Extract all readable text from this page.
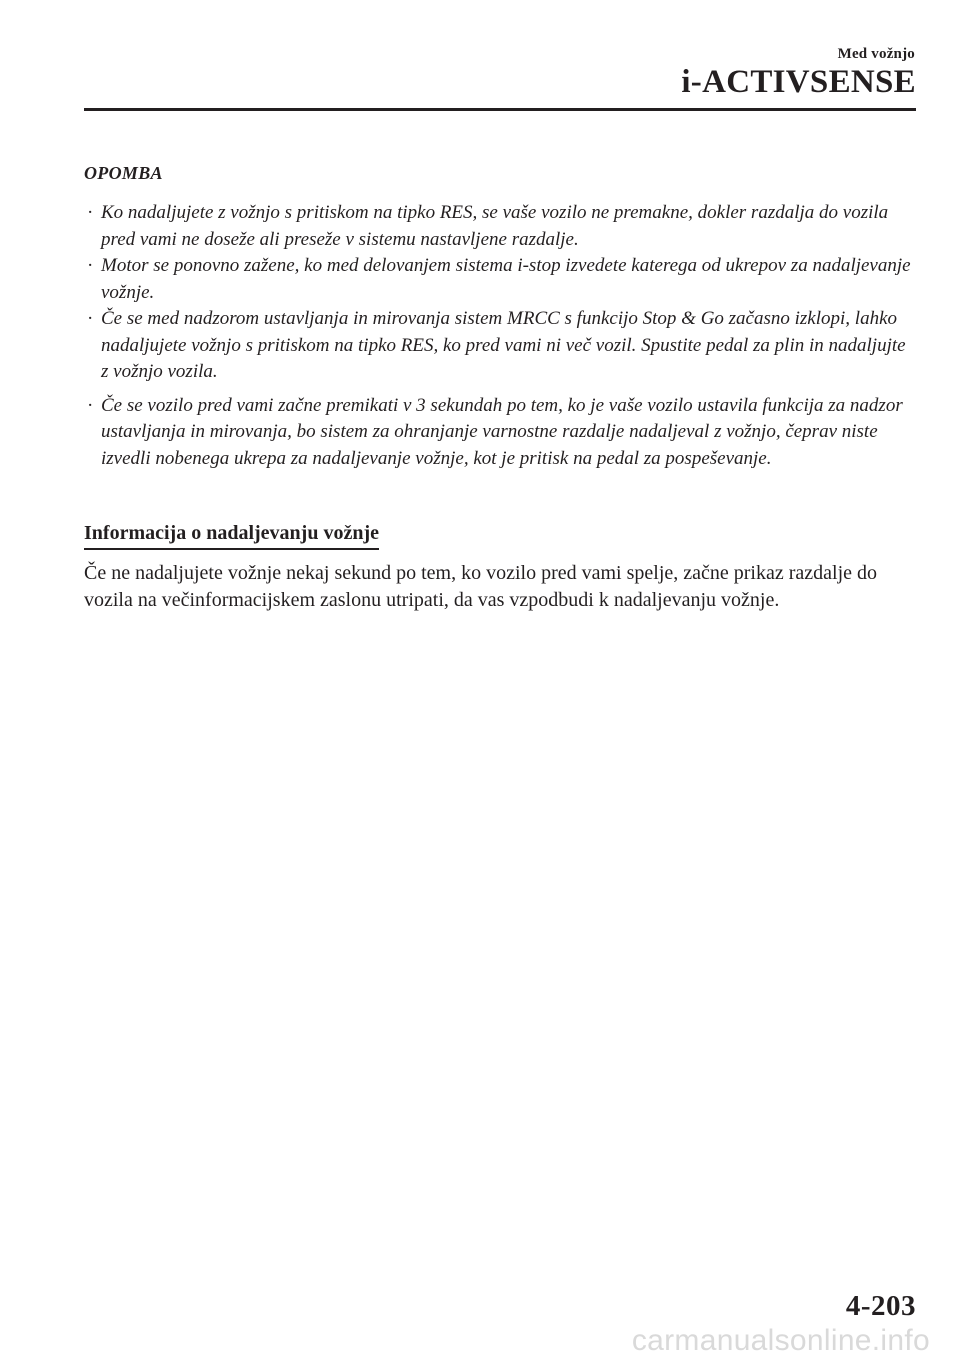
Med vožnjo
i-ACTIVSENSE
OPOMBA
· Ko nadaljujete z vožnjo s pritiskom na tipko RES, se vaše vozilo ne premakne, dokler razdalja do vozila pred vami ne doseže ali preseže v sistemu nastavljene razdalje.
· Motor se ponovno zažene, ko med delovanjem sistema i-stop izvedete katerega od ukrepov za nadaljevanje vožnje.
· Če se med nadzorom ustavljanja in mirovanja sistem MRCC s funkcijo Stop & Go začasno izklopi, lahko nadaljujete vožnjo s pritiskom na tipko RES, ko pred vami ni več vozil. Spustite pedal za plin in nadaljujte z vožnjo vozila.
· Če se vozilo pred vami začne premikati v 3 sekundah po tem, ko je vaše vozilo ustavila funkcija za nadzor ustavljanja in mirovanja, bo sistem za ohranjanje varnostne razdalje nadaljeval z vožnjo, čeprav niste izvedli nobenega ukrepa za nadaljevanje vožnje, kot je pritisk na pedal za pospeševanje.
Informacija o nadaljevanju vožnje

Če ne nadaljujete vožnje nekaj sekund po tem, ko vozilo pred vami spelje, začne prikaz razdalje do vozila na večinformacijskem zaslonu utripati, da vas vzpodbudi k nadaljevanju vožnje.

4-203
carmanualsonline.info
